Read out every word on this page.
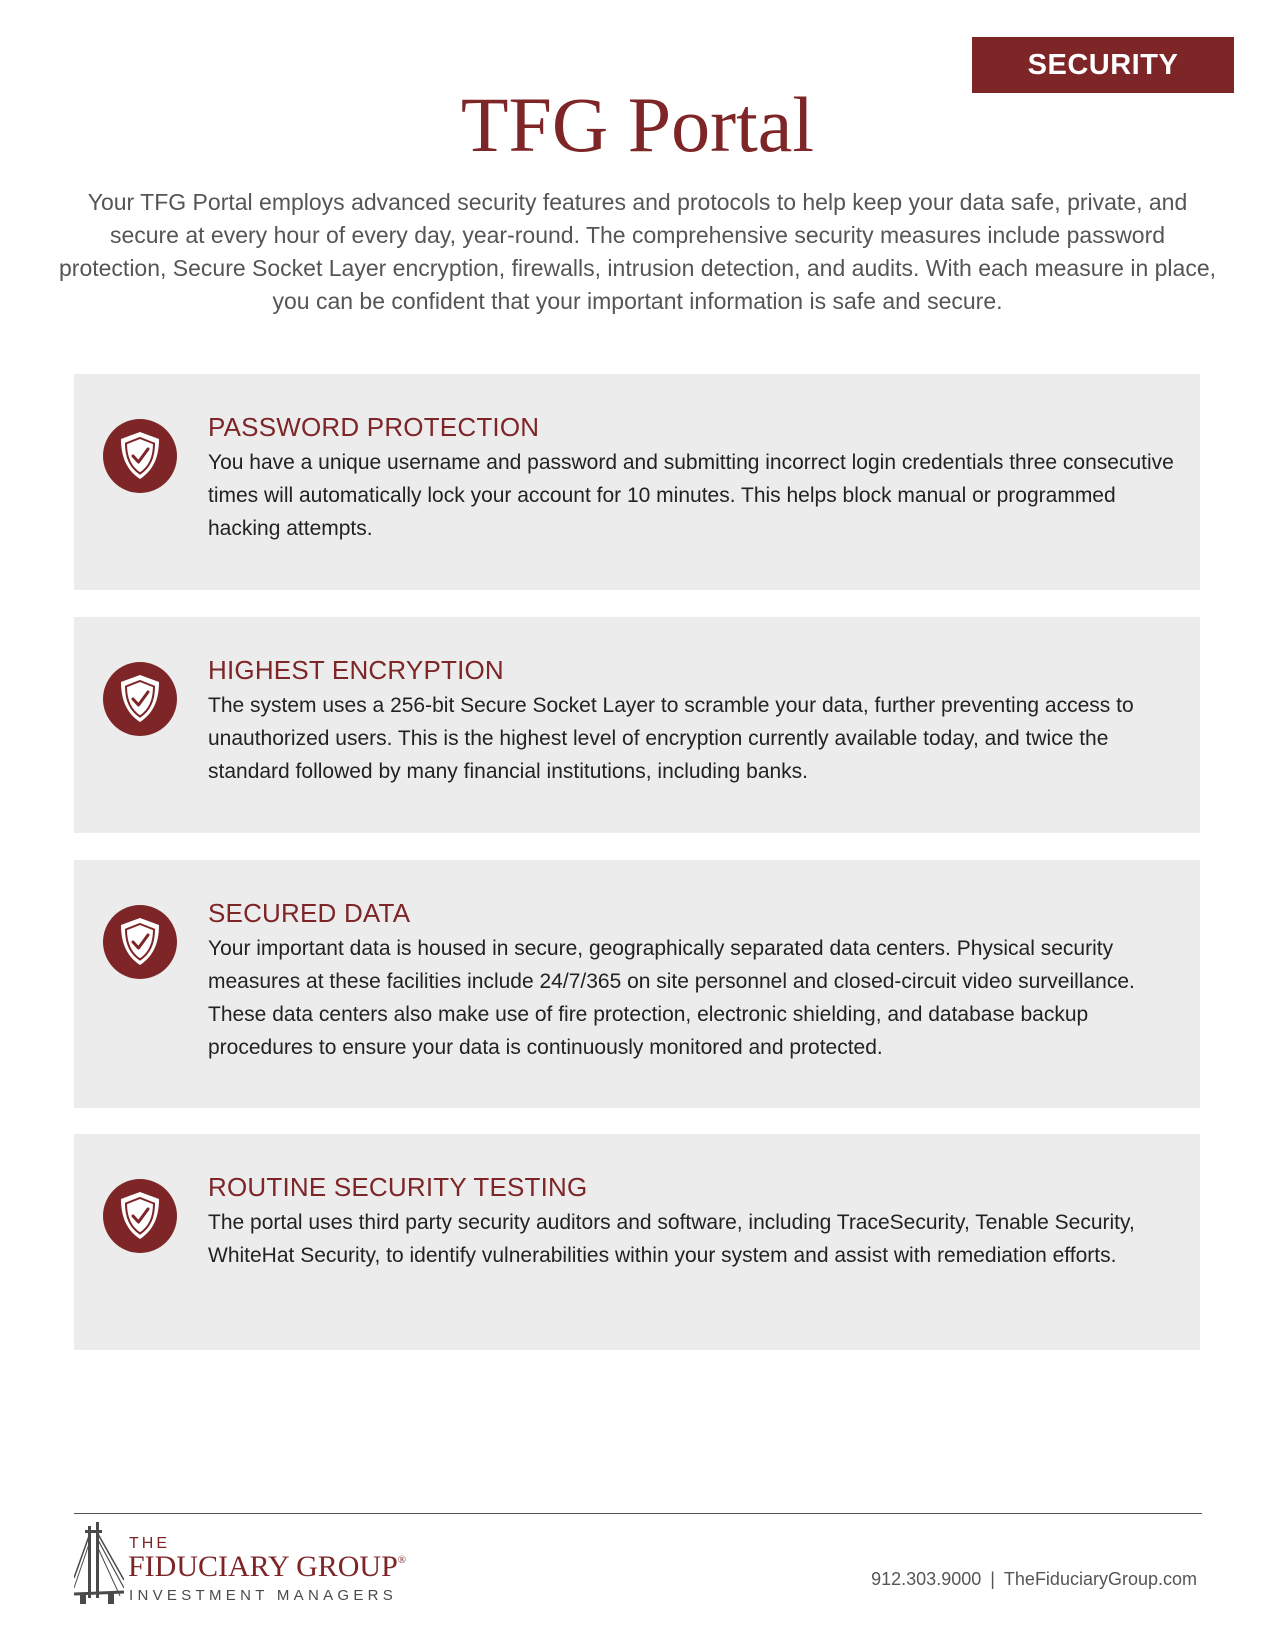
SECURITY
TFG Portal

Your TFG Portal employs advanced security features and protocols to help keep your data safe, private, and secure at every hour of every day, year-round. The comprehensive security measures include password protection, Secure Socket Layer encryption, firewalls, intrusion detection, and audits. With each measure in place, you can be confident that your important information is safe and secure.

PASSWORD PROTECTION

You have a unique username and password and submitting incorrect login credentials three consecutive times will automatically lock your account for 10 minutes. This helps block manual or programmed hacking attempts.

HIGHEST ENCRYPTION

The system uses a 256-bit Secure Socket Layer to scramble your data, further preventing access to unauthorized users. This is the highest level of encryption currently available today, and twice the standard followed by many financial institutions, including banks.

SECURED DATA

Your important data is housed in secure, geographically separated data centers. Physical security measures at these facilities include 24/7/365 on site personnel and closed-circuit video surveillance. These data centers also make use of fire protection, electronic shielding, and database backup procedures to ensure your data is continuously monitored and protected.

ROUTINE SECURITY TESTING

The portal uses third party security auditors and software, including TraceSecurity, Tenable Security, WhiteHat Security, to identify vulnerabilities within your system and assist with remediation efforts.

THE
FIDUCIARY GROUP®
INVESTMENT MANAGERS
912.303.9000 | TheFiduciaryGroup.com
